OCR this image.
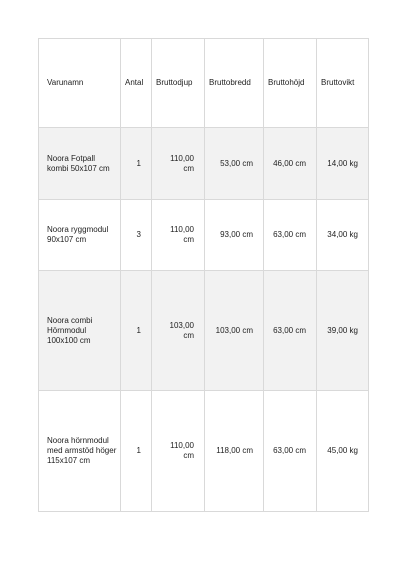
Varunamn	Antal	Bruttodjup	Bruttobredd	Bruttohöjd	Bruttovikt
Noora Fotpall kombi 50x107 cm	1	110,00 cm	53,00 cm	46,00 cm	14,00 kg
Noora ryggmodul 90x107 cm	3	110,00 cm	93,00 cm	63,00 cm	34,00 kg
Noora combi Hörnmodul 100x100 cm	1	103,00 cm	103,00 cm	63,00 cm	39,00 kg
Noora hörnmodul med armstöd höger 115x107 cm	1	110,00 cm	118,00 cm	63,00 cm	45,00 kg
